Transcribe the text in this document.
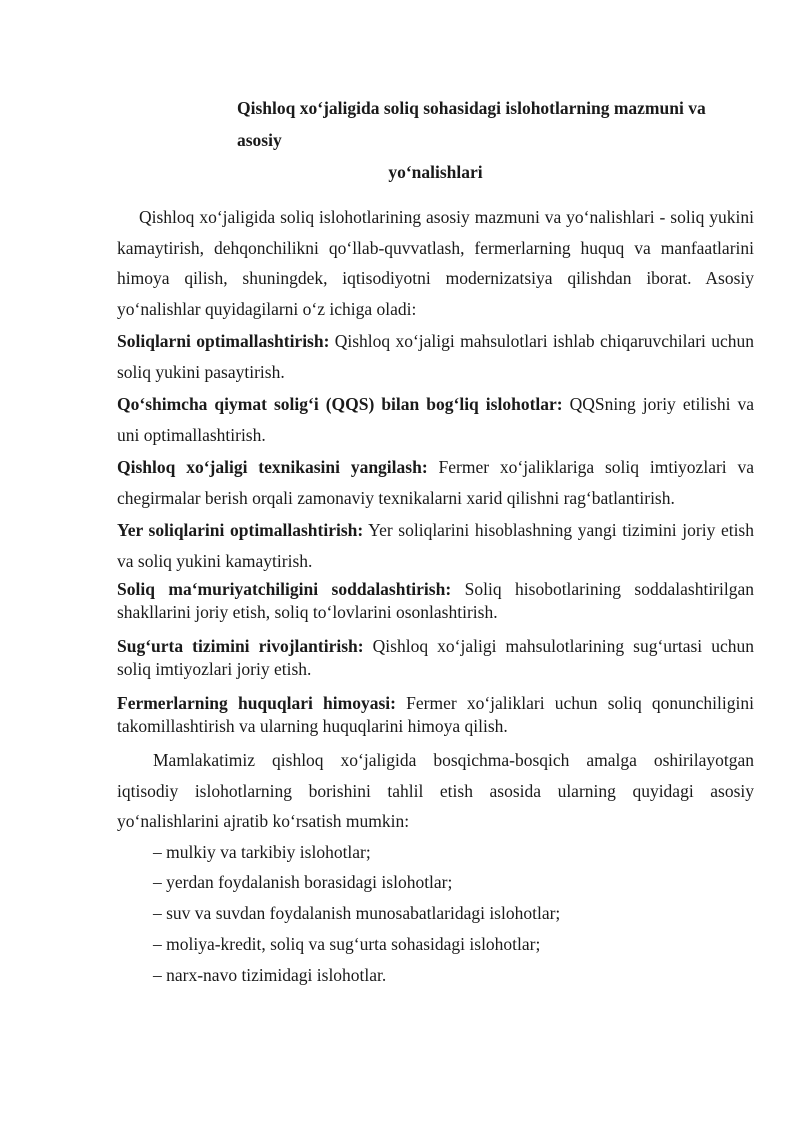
Qishloq xo‘jaligida soliq sohasidagi islohotlarning mazmuni va asosiy
yo‘nalishlari

Qishloq xo‘jaligida soliq islohotlarining asosiy mazmuni va yo‘nalishlari - soliq yukini kamaytirish, dehqonchilikni qo‘llab-quvvatlash, fermerlarning huquq va manfaatlarini himoya qilish, shuningdek, iqtisodiyotni modernizatsiya qilishdan iborat. Asosiy yo‘nalishlar quyidagilarni o‘z ichiga oladi:

Soliqlarni optimallashtirish: Qishloq xo‘jaligi mahsulotlari ishlab chiqaruvchilari uchun soliq yukini pasaytirish.

Qo‘shimcha qiymat solig‘i (QQS) bilan bog‘liq islohotlar: QQSning joriy etilishi va uni optimallashtirish.

Qishloq xo‘jaligi texnikasini yangilash: Fermer xo‘jaliklariga soliq imtiyozlari va chegirmalar berish orqali zamonaviy texnikalarni xarid qilishni rag‘batlantirish.

Yer soliqlarini optimallashtirish: Yer soliqlarini hisoblashning yangi tizimini joriy etish va soliq yukini kamaytirish.

Soliq ma‘muriyatchiligini soddalashtirish: Soliq hisobotlarining soddalashtirilgan shakllarini joriy etish, soliq to‘lovlarini osonlashtirish.

Sug‘urta tizimini rivojlantirish: Qishloq xo‘jaligi mahsulotlarining sug‘urtasi uchun soliq imtiyozlari joriy etish.

Fermerlarning huquqlari himoyasi: Fermer xo‘jaliklari uchun soliq qonunchiligini takomillashtirish va ularning huquqlarini himoya qilish.

Mamlakatimiz qishloq xo‘jaligida bosqichma-bosqich amalga oshirilayotgan iqtisodiy islohotlarning borishini tahlil etish asosida ularning quyidagi asosiy yo‘nalishlarini ajratib ko‘rsatish mumkin:

– mulkiy va tarkibiy islohotlar;
– yerdan foydalanish borasidagi islohotlar;
– suv va suvdan foydalanish munosabatlaridagi islohotlar;
– moliya-kredit, soliq va sug‘urta sohasidagi islohotlar;
– narx-navo tizimidagi islohotlar.
